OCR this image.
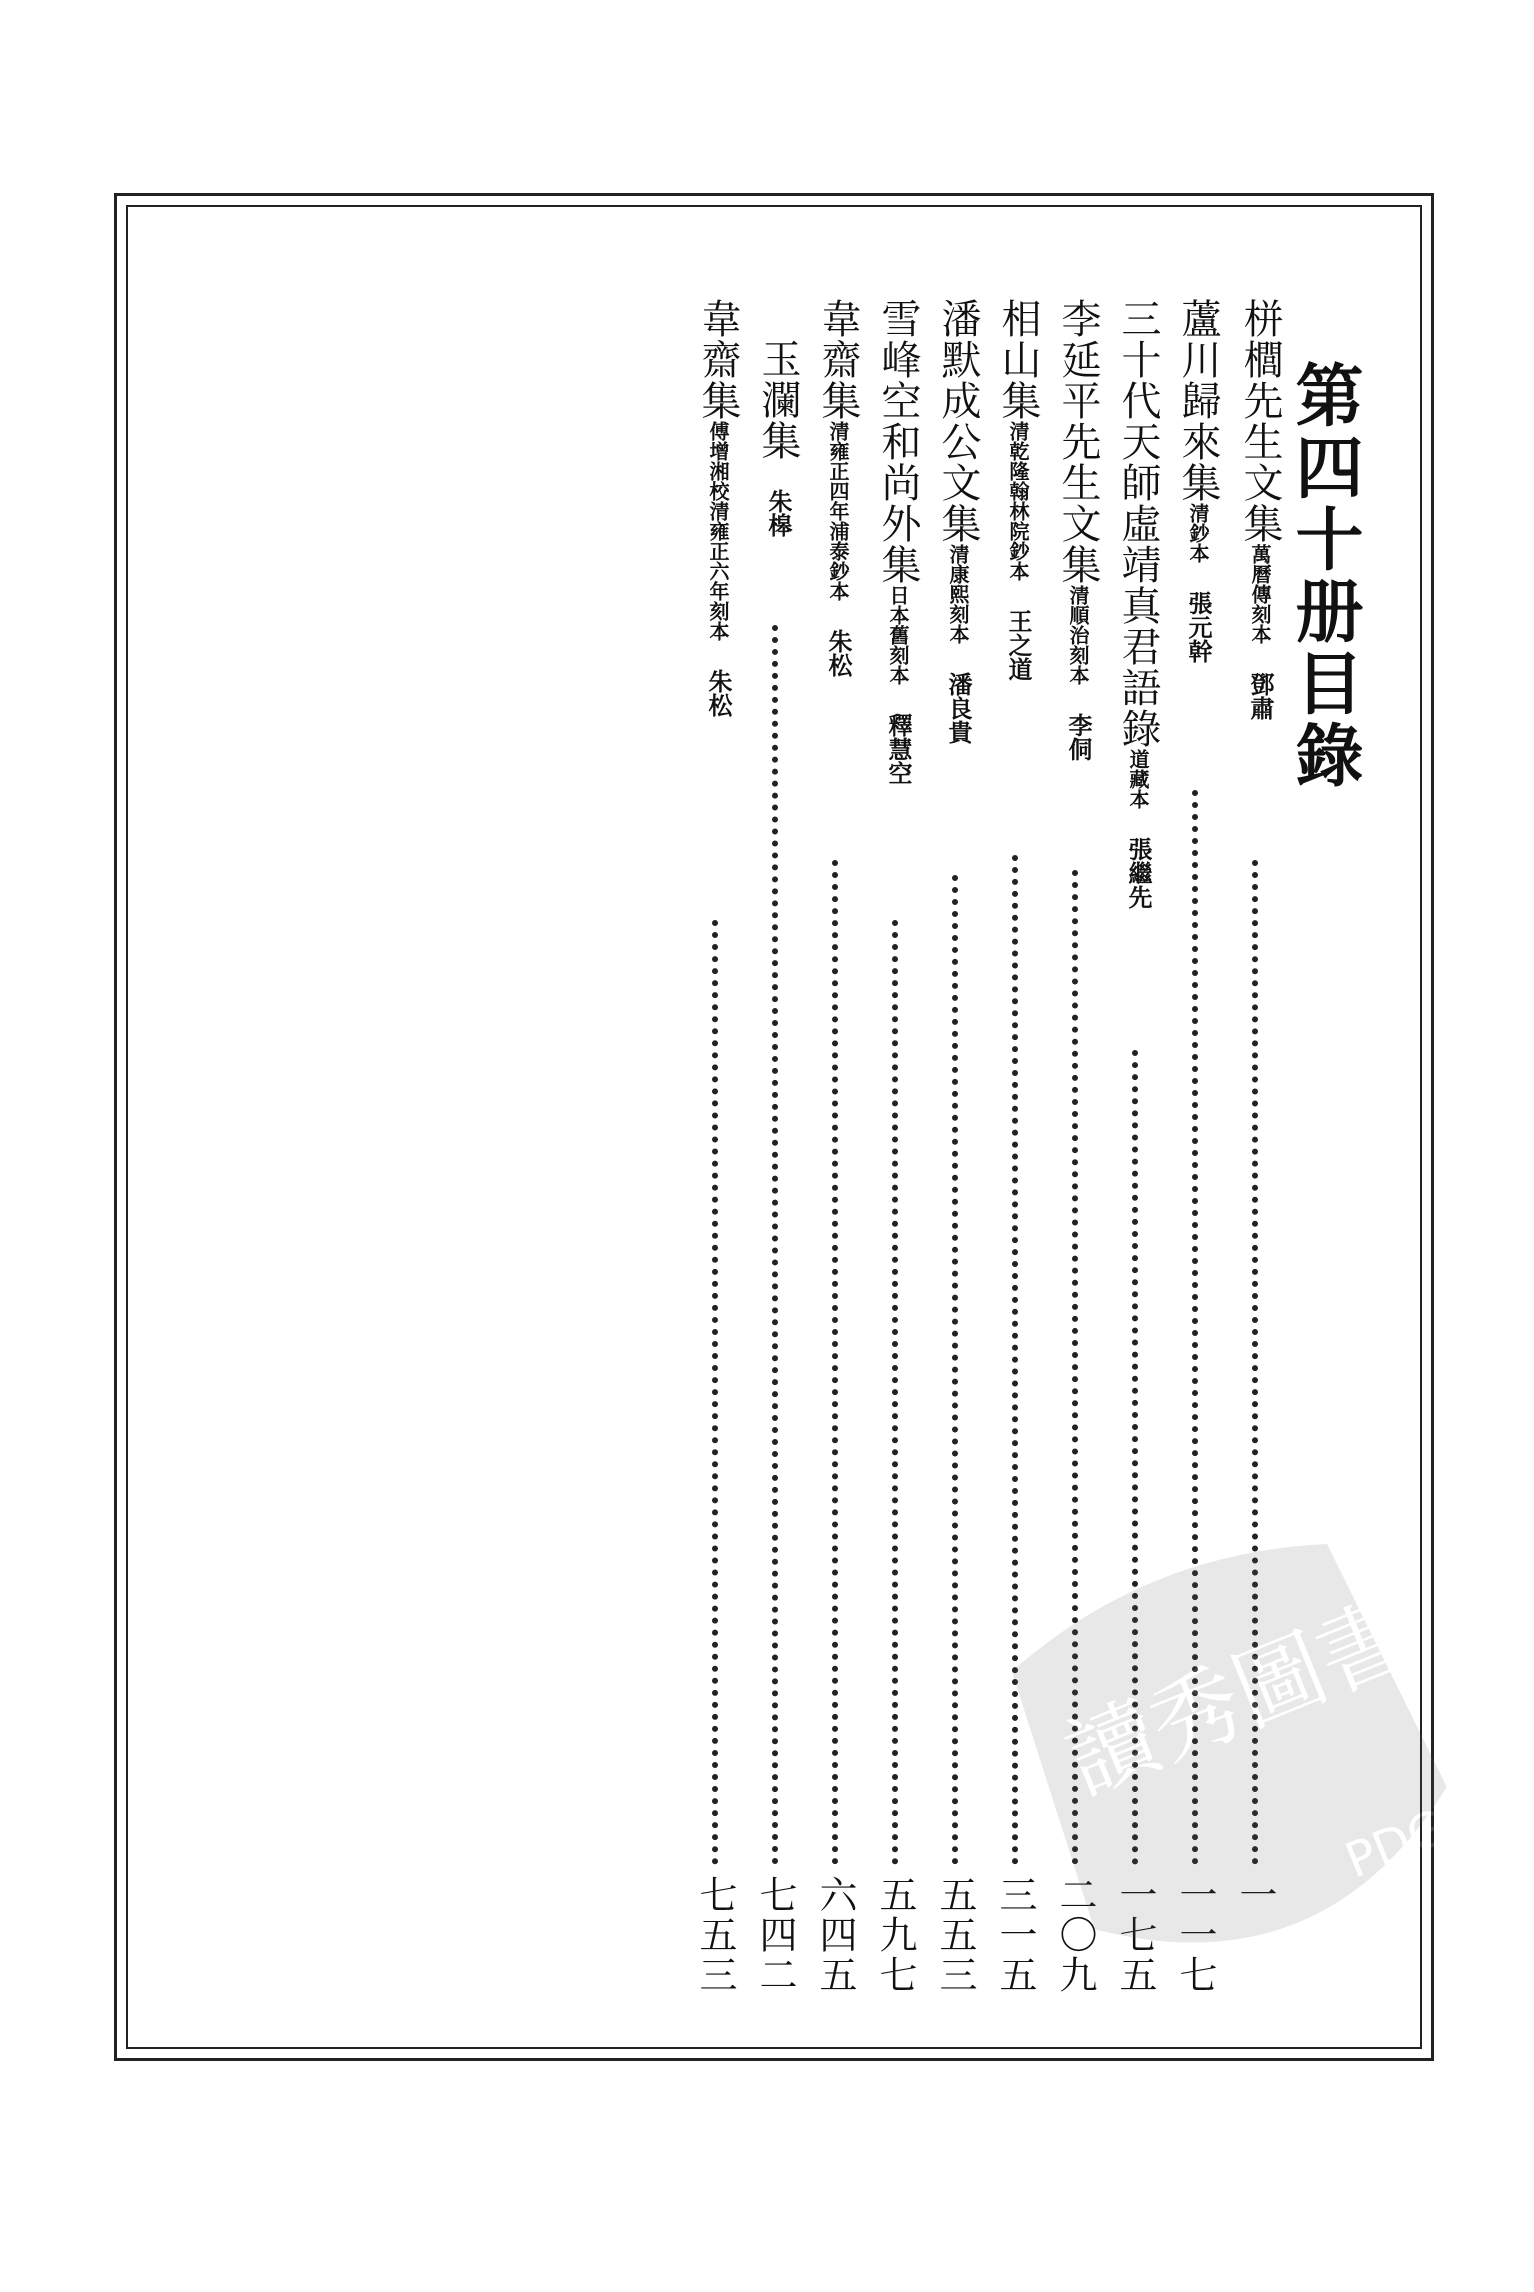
第四十册目錄
栟櫚先生文集萬曆傳刻本鄧肅
一
蘆川歸來集清鈔本張元幹
一一七
三十代天師虛靖真君語錄道藏本張繼先
一七五
李延平先生文集清順治刻本李侗
二〇九
相山集清乾隆翰林院鈔本王之道
三一五
潘默成公文集清康熙刻本潘良貴
五五三
雪峰空和尚外集日本舊刻本釋慧空
五九七
韋齋集清雍正四年浦泰鈔本朱松
六四五
玉瀾集朱槔
七四二
韋齋集傅增湘校清雍正六年刻本朱松
七五三
讀秀圖書
PDG
